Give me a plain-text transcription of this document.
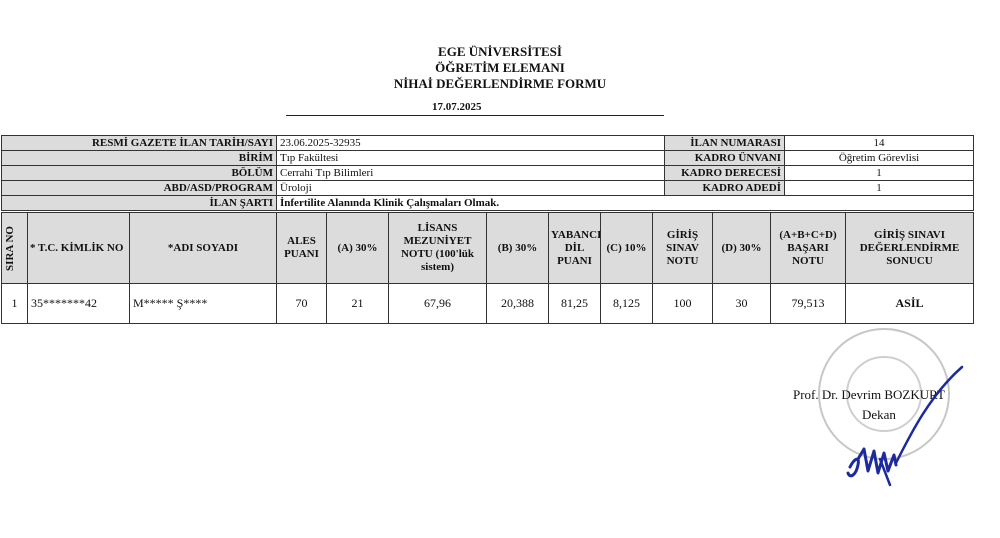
EGE ÜNİVERSİTESİ
ÖĞRETİM ELEMANI
NİHAİ DEĞERLENDİRME FORMU
17.07.2025
RESMİ GAZETE İLAN TARİH/SAYI	23.06.2025-32935	İLAN NUMARASI	14
BİRİM	Tıp Fakültesi	KADRO ÜNVANI	Öğretim Görevlisi
BÖLÜM	Cerrahi Tıp Bilimleri	KADRO DERECESİ	1
ABD/ASD/PROGRAM	Üroloji	KADRO ADEDİ	1
İLAN ŞARTI	İnfertilite Alanında Klinik Çalışmaları Olmak.		
SIRA NO	* T.C. KİMLİK NO	*ADI SOYADI	ALES PUANI	(A) 30%	LİSANS MEZUNİYET NOTU (100'lük sistem)	(B) 30%	YABANCI DİL PUANI	(C) 10%	GİRİŞ SINAV NOTU	(D) 30%	(A+B+C+D) BAŞARI NOTU	GİRİŞ SINAVI DEĞERLENDİRME SONUCU
1	35*******42	M***** Ş****	70	21	67,96	20,388	81,25	8,125	100	30	79,513	ASİL
Prof. Dr. Devrim BOZKURT
Dekan
